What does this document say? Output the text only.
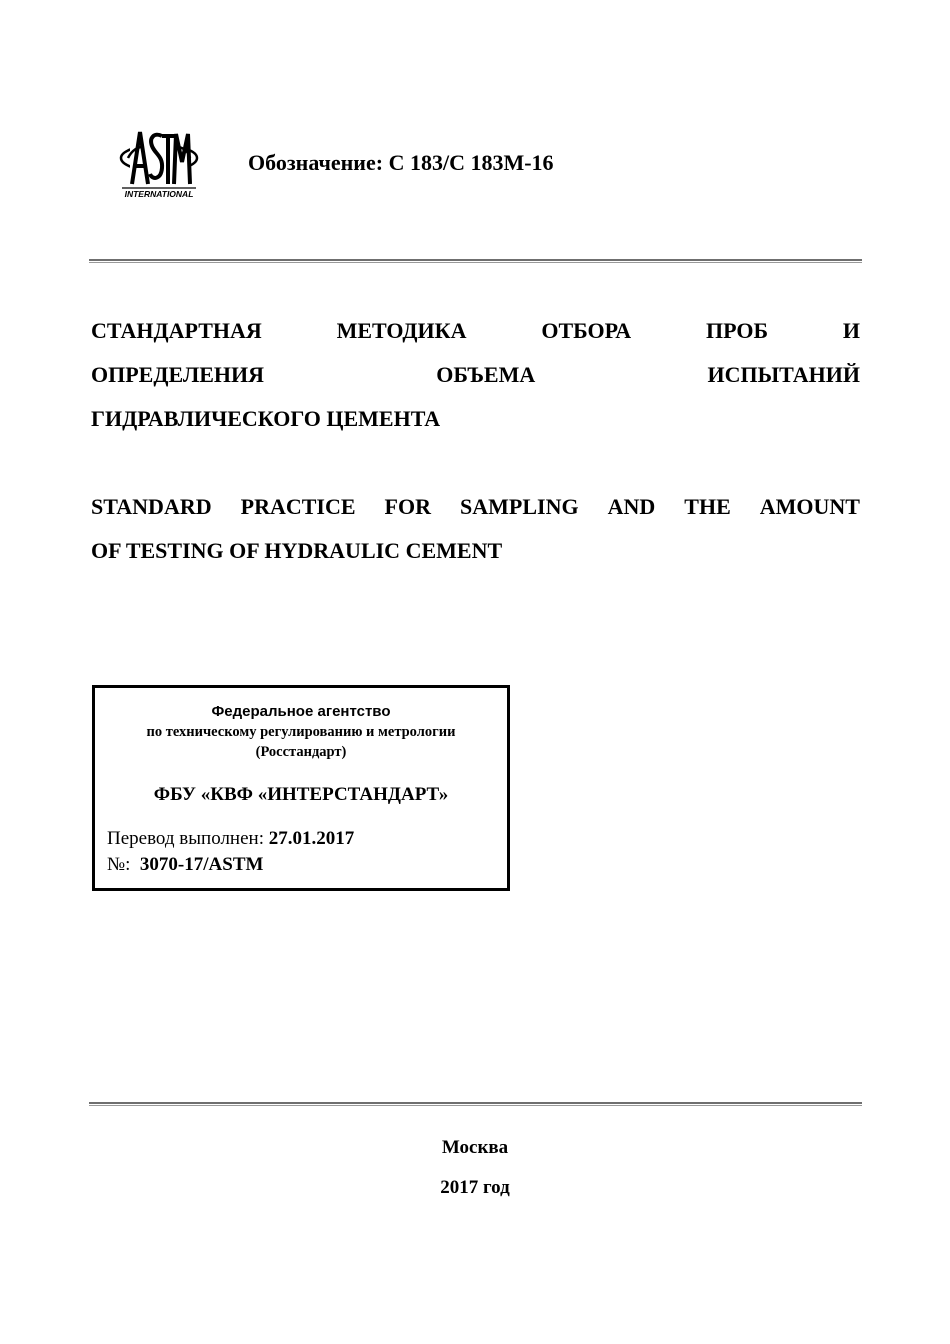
INTERNATIONAL
Обозначение: C 183/C 183M-16
СТАНДАРТНАЯ	МЕТОДИКА	ОТБОРА	ПРОБ	И
ОПРЕДЕЛЕНИЯ	ОБЪЕМА	ИСПЫТАНИЙ
ГИДРАВЛИЧЕСКОГО ЦЕМЕНТА
STANDARD PRACTICE FOR SAMPLING AND THE AMOUNT
OF TESTING OF HYDRAULIC CEMENT
Федеральное агентство
по техническому регулированию и метрологии
(Росстандарт)
ФБУ «КВФ «ИНТЕРСТАНДАРТ»
Перевод выполнен: 27.01.2017
№: 3070-17/ASTM
Москва
2017 год
